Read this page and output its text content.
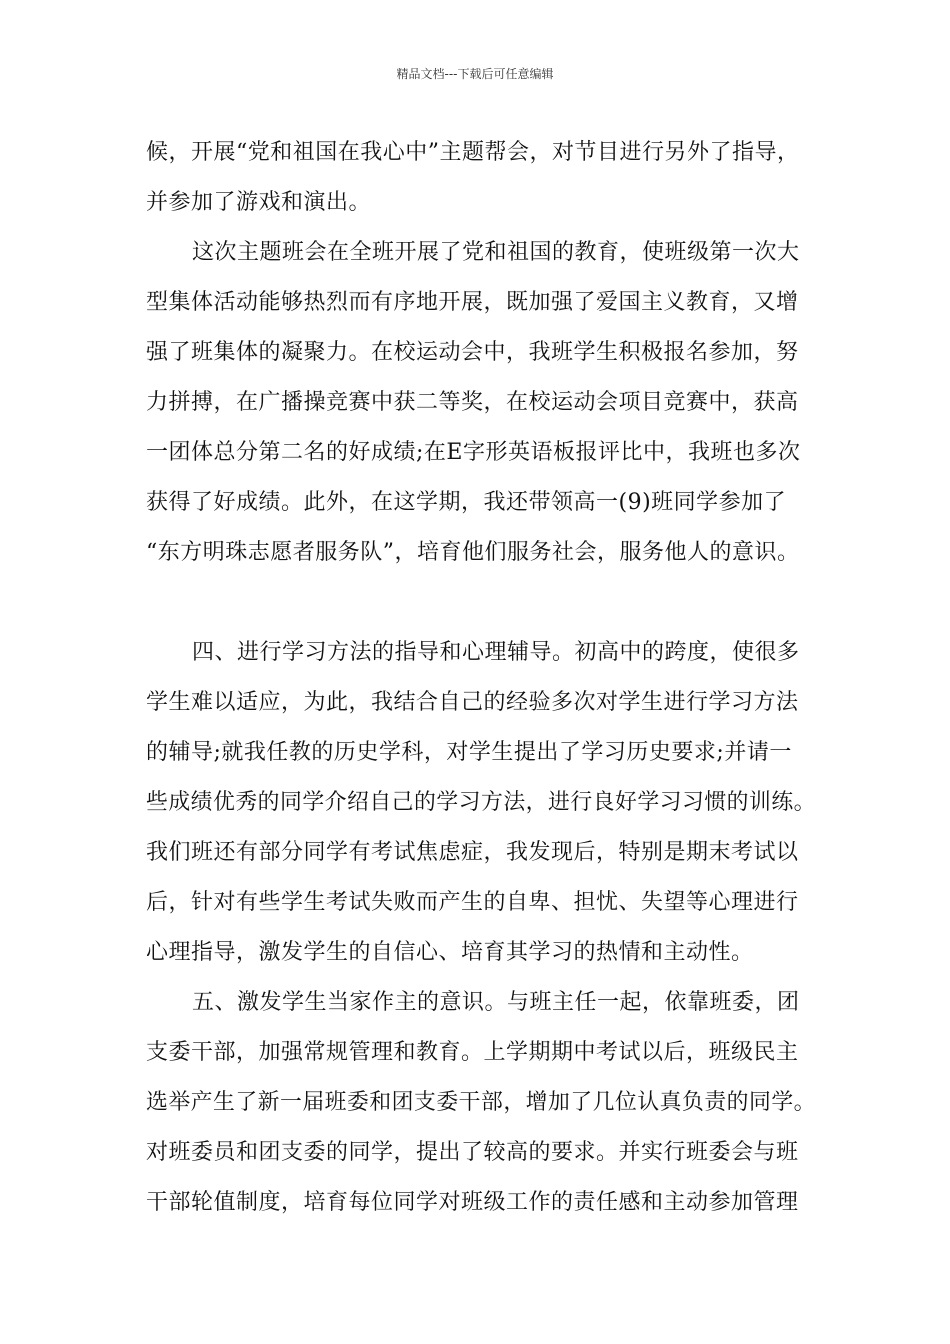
精品文档---下载后可任意编辑
候，开展“党和祖国在我心中”主题帮会，对节目进行另外了指导，
并参加了游戏和演出。
这次主题班会在全班开展了党和祖国的教育，使班级第一次大
型集体活动能够热烈而有序地开展，既加强了爱国主义教育，又增
强了班集体的凝聚力。在校运动会中，我班学生积极报名参加，努
力拼搏，在广播操竞赛中获二等奖，在校运动会项目竞赛中，获高
一团体总分第二名的好成绩;在E字形英语板报评比中，我班也多次
获得了好成绩。此外，在这学期，我还带领高一(9)班同学参加了
“东方明珠志愿者服务队”，培育他们服务社会，服务他人的意识。
四、进行学习方法的指导和心理辅导。初高中的跨度，使很多
学生难以适应，为此，我结合自己的经验多次对学生进行学习方法
的辅导;就我任教的历史学科，对学生提出了学习历史要求;并请一
些成绩优秀的同学介绍自己的学习方法，进行良好学习习惯的训练。
我们班还有部分同学有考试焦虑症，我发现后，特别是期末考试以
后，针对有些学生考试失败而产生的自卑、担忧、失望等心理进行
心理指导，激发学生的自信心、培育其学习的热情和主动性。
五、激发学生当家作主的意识。与班主任一起，依靠班委，团
支委干部，加强常规管理和教育。上学期期中考试以后，班级民主
选举产生了新一届班委和团支委干部，增加了几位认真负责的同学。
对班委员和团支委的同学，提出了较高的要求。并实行班委会与班
干部轮值制度，培育每位同学对班级工作的责任感和主动参加管理
